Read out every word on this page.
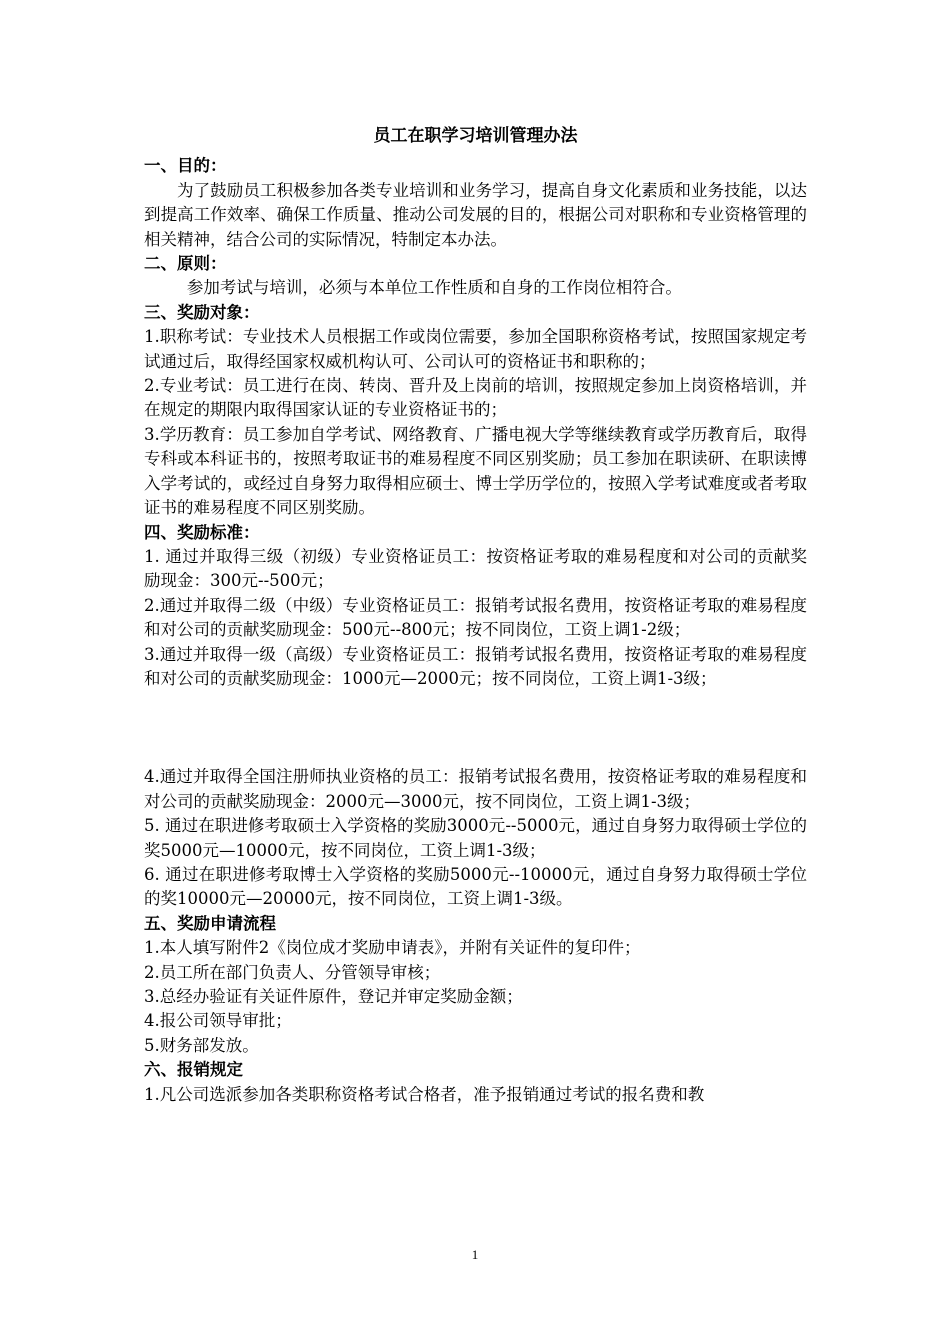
员工在职学习培训管理办法

一、目的：

为了鼓励员工积极参加各类专业培训和业务学习，提高自身文化素质和业务技能，以达到提高工作效率、确保工作质量、推动公司发展的目的，根据公司对职称和专业资格管理的相关精神，结合公司的实际情况，特制定本办法。

二、原则：

参加考试与培训，必须与本单位工作性质和自身的工作岗位相符合。

三、奖励对象：

1.职称考试：专业技术人员根据工作或岗位需要，参加全国职称资格考试，按照国家规定考试通过后，取得经国家权威机构认可、公司认可的资格证书和职称的；

2.专业考试：员工进行在岗、转岗、晋升及上岗前的培训，按照规定参加上岗资格培训，并在规定的期限内取得国家认证的专业资格证书的；

3.学历教育：员工参加自学考试、网络教育、广播电视大学等继续教育或学历教育后，取得专科或本科证书的，按照考取证书的难易程度不同区别奖励；员工参加在职读研、在职读博入学考试的，或经过自身努力取得相应硕士、博士学历学位的，按照入学考试难度或者考取证书的难易程度不同区别奖励。

四、奖励标准：

1. 通过并取得三级（初级）专业资格证员工：按资格证考取的难易程度和对公司的贡献奖励现金：300元--500元；

2.通过并取得二级（中级）专业资格证员工：报销考试报名费用，按资格证考取的难易程度和对公司的贡献奖励现金：500元--800元；按不同岗位，工资上调1-2级；

3.通过并取得一级（高级）专业资格证员工：报销考试报名费用，按资格证考取的难易程度和对公司的贡献奖励现金：1000元—2000元；按不同岗位，工资上调1-3级；

4.通过并取得全国注册师执业资格的员工：报销考试报名费用，按资格证考取的难易程度和对公司的贡献奖励现金：2000元—3000元，按不同岗位，工资上调1-3级；

5. 通过在职进修考取硕士入学资格的奖励3000元--5000元，通过自身努力取得硕士学位的奖5000元—10000元，按不同岗位，工资上调1-3级；

6. 通过在职进修考取博士入学资格的奖励5000元--10000元，通过自身努力取得硕士学位的奖10000元—20000元，按不同岗位，工资上调1-3级。

五、奖励申请流程

1.本人填写附件2《岗位成才奖励申请表》，并附有关证件的复印件；

2.员工所在部门负责人、分管领导审核；

3.总经办验证有关证件原件，登记并审定奖励金额；

4.报公司领导审批；

5.财务部发放。

六、报销规定

1.凡公司选派参加各类职称资格考试合格者，准予报销通过考试的报名费和教

1
